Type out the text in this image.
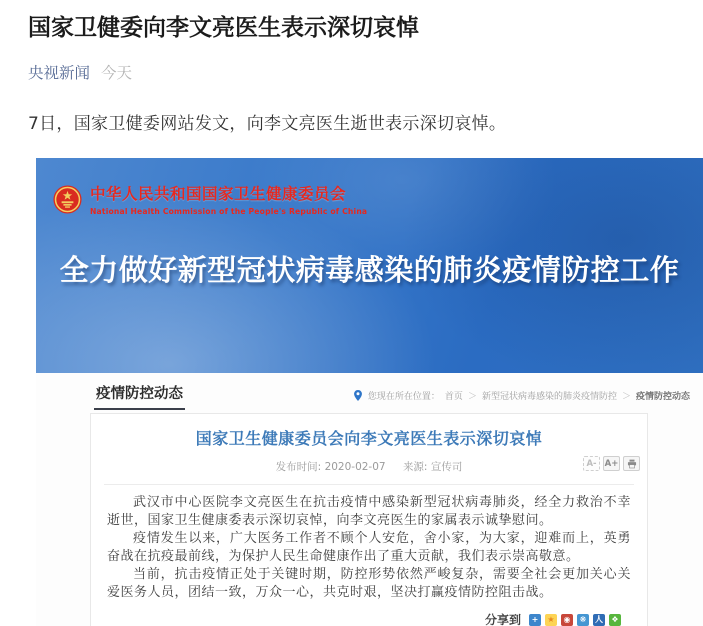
国家卫健委向李文亮医生表示深切哀悼
央视新闻 今天

7日，国家卫健委网站发文，向李文亮医生逝世表示深切哀悼。

中华人民共和国国家卫生健康委员会
National Health Commission of the People's Republic of China
全力做好新型冠状病毒感染的肺炎疫情防控工作
疫情防控动态	您现在所在位置： 首页 ＞ 新型冠状病毒感染的肺炎疫情防控 ＞ 疫情防控动态
国家卫生健康委员会向李文亮医生表示深切哀悼
发布时间: 2020-02-07 来源: 宣传司	A- A+

武汉市中心医院李文亮医生在抗击疫情中感染新型冠状病毒肺炎，经全力救治不幸逝世，国家卫生健康委表示深切哀悼，向李文亮医生的家属表示诚挚慰问。

疫情发生以来，广大医务工作者不顾个人安危，舍小家，为大家，迎难而上，英勇奋战在抗疫最前线，为保护人民生命健康作出了重大贡献，我们表示崇高敬意。

当前，抗击疫情正处于关键时期，防控形势依然严峻复杂，需要全社会更加关心关爱医务人员，团结一致，万众一心，共克时艰，坚决打赢疫情防控阻击战。

分享到	+	★	◉	❋	人	❖
